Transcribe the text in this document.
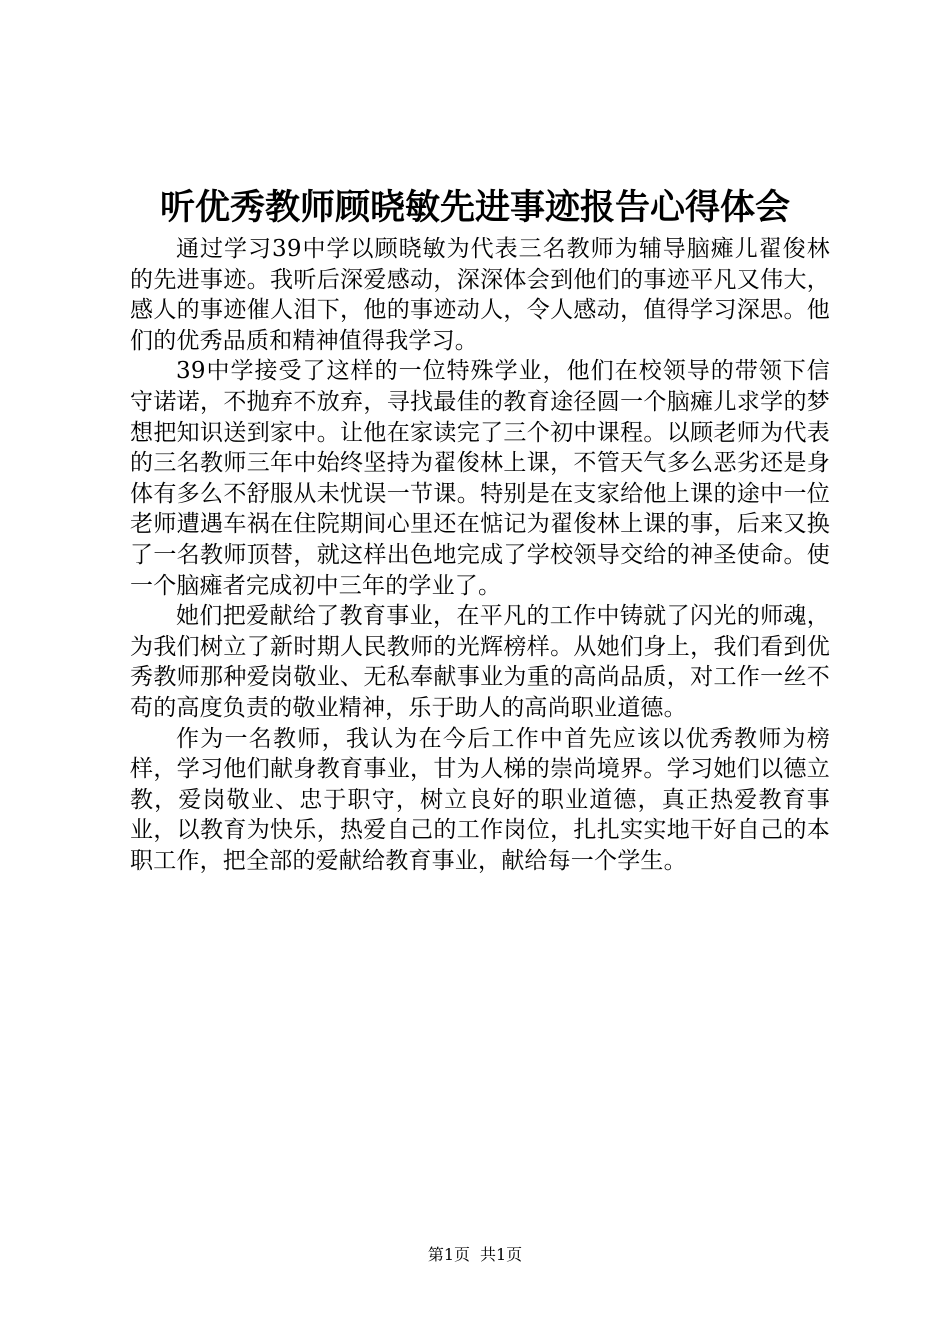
听优秀教师顾晓敏先进事迹报告心得体会

通过学习39中学以顾晓敏为代表三名教师为辅导脑瘫儿翟俊林的先进事迹。我听后深爱感动，深深体会到他们的事迹平凡又伟大，感人的事迹催人泪下，他的事迹动人，令人感动，值得学习深思。他们的优秀品质和精神值得我学习。

39中学接受了这样的一位特殊学业，他们在校领导的带领下信守诺诺，不抛弃不放弃，寻找最佳的教育途径圆一个脑瘫儿求学的梦想把知识送到家中。让他在家读完了三个初中课程。以顾老师为代表的三名教师三年中始终坚持为翟俊林上课，不管天气多么恶劣还是身体有多么不舒服从未忧误一节课。特别是在支家给他上课的途中一位老师遭遇车祸在住院期间心里还在惦记为翟俊林上课的事，后来又换了一名教师顶替，就这样出色地完成了学校领导交给的神圣使命。使一个脑瘫者完成初中三年的学业了。

她们把爱献给了教育事业，在平凡的工作中铸就了闪光的师魂，为我们树立了新时期人民教师的光辉榜样。从她们身上，我们看到优秀教师那种爱岗敬业、无私奉献事业为重的高尚品质，对工作一丝不苟的高度负责的敬业精神，乐于助人的高尚职业道德。

作为一名教师，我认为在今后工作中首先应该以优秀教师为榜样，学习他们献身教育事业，甘为人梯的崇尚境界。学习她们以德立教，爱岗敬业、忠于职守，树立良好的职业道德，真正热爱教育事业，以教育为快乐，热爱自己的工作岗位，扎扎实实地干好自己的本职工作，把全部的爱献给教育事业，献给每一个学生。

第1页 共1页
